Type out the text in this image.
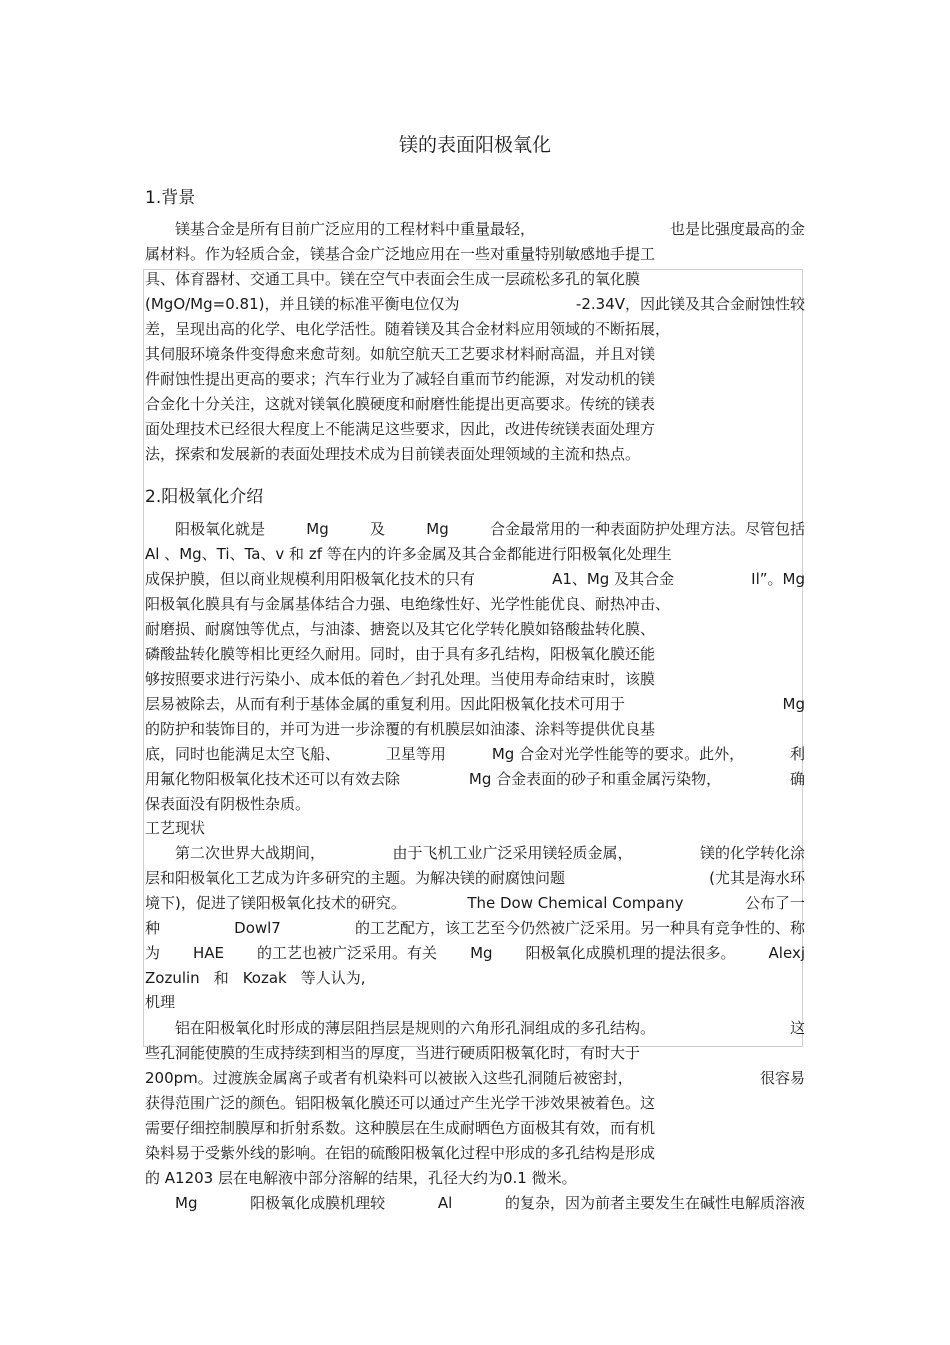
镁的表面阳极氧化
1.背景
2.阳极氧化介绍
工艺现状
机理
镁基合金是所有目前广泛应用的工程材料中重量最轻，	也是比强度最高的金
属材料。作为轻质合金，镁基合金广泛地应用在一些对重量特别敏感地手提工
具、体育器材、交通工具中。镁在空气中表面会生成一层疏松多孔的氧化膜
(MgO/Mg=0.81)，并且镁的标准平衡电位仅为	-2.34V，因此镁及其合金耐蚀性较
差，呈现出高的化学、电化学活性。随着镁及其合金材料应用领域的不断拓展，
其伺服环境条件变得愈来愈苛刻。如航空航天工艺要求材料耐高温，并且对镁
件耐蚀性提出更高的要求；汽车行业为了减轻自重而节约能源，对发动机的镁
合金化十分关注，这就对镁氧化膜硬度和耐磨性能提出更高要求。传统的镁表
面处理技术已经很大程度上不能满足这些要求，因此，改进传统镁表面处理方
法，探索和发展新的表面处理技术成为目前镁表面处理领域的主流和热点。
阳极氧化就是	Mg	及	Mg	合金最常用的一种表面防护处理方法。尽管包括
Al 、Mg、Ti、Ta、v 和 zf 等在内的许多金属及其合金都能进行阳极氧化处理生
成保护膜，但以商业规模利用阳极氧化技术的只有	A1、Mg 及其合金	Il”。Mg
阳极氧化膜具有与金属基体结合力强、电绝缘性好、光学性能优良、耐热冲击、
耐磨损、耐腐蚀等优点，与油漆、搪瓷以及其它化学转化膜如铬酸盐转化膜、
磷酸盐转化膜等相比更经久耐用。同时，由于具有多孔结构，阳极氧化膜还能
够按照要求进行污染小、成本低的着色／封孔处理。当使用寿命结束时，该膜
层易被除去，从而有利于基体金属的重复利用。因此阳极氧化技术可用于	Mg
的防护和装饰目的，并可为进一步涂覆的有机膜层如油漆、涂料等提供优良基
底，同时也能满足太空飞船、	卫星等用	Mg 合金对光学性能等的要求。此外，	利
用氟化物阳极氧化技术还可以有效去除	Mg 合金表面的砂子和重金属污染物，	确
保表面没有阴极性杂质。
第二次世界大战期间，	由于飞机工业广泛采用镁轻质金属，	镁的化学转化涂
层和阳极氧化工艺成为许多研究的主题。为解决镁的耐腐蚀问题	(尤其是海水环
境下)，促进了镁阳极氧化技术的研究。	The Dow Chemical Company	公布了一
种	Dowl7	的工艺配方，该工艺至今仍然被广泛采用。另一种具有竞争性的、称
为 HAE 的工艺也被广泛采用。有关 Mg 阳极氧化成膜机理的提法很多。 Alexj
Zozulin 和 Kozak 等人认为,
铝在阳极氧化时形成的薄层阻挡层是规则的六角形孔洞组成的多孔结构。	这
些孔洞能使膜的生成持续到相当的厚度，当进行硬质阳极氧化时，有时大于
200pm。过渡族金属离子或者有机染料可以被嵌入这些孔洞随后被密封，	很容易
获得范围广泛的颜色。铝阳极氧化膜还可以通过产生光学干涉效果被着色。这
需要仔细控制膜厚和折射系数。这种膜层在生成耐晒色方面极其有效，而有机
染料易于受紫外线的影响。在铝的硫酸阳极氧化过程中形成的多孔结构是形成
的 A1203 层在电解液中部分溶解的结果，孔径大约为0.1 微米。
Mg	阳极氧化成膜机理较	Al	的复杂，因为前者主要发生在碱性电解质溶液
